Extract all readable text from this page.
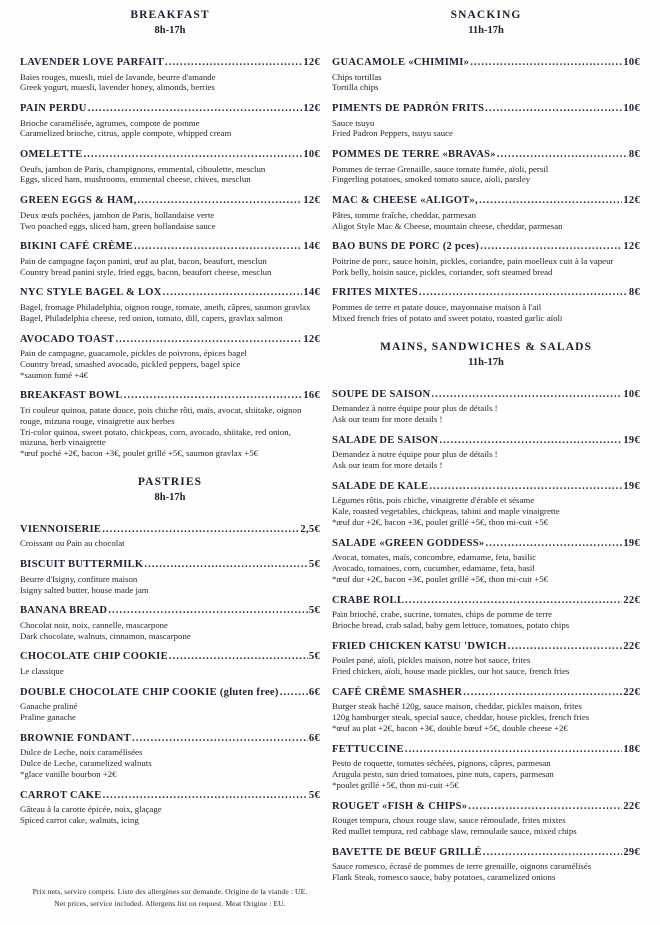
BREAKFAST
8h-17h
LAVENDER LOVE PARFAIT .....	12€
Baies rouges, muesli, miel de lavande, beurre d'amande
Greek yogurt, muesli, lavender honey, almonds, berries
PAIN PERDU .....	12€
Brioche caramélisée, agrumes, compote de pomme
Caramelized brioche, citrus, apple compote, whipped cream
OMELETTE .....	10€
Oeufs, jambon de Paris, champignons, emmental, ciboulette, mesclun
Eggs, sliced ham, mushrooms, emmental cheese, chives, mesclun
GREEN EGGS & HAM, .....	12€
Deux œufs pochées, jambon de Paris, hollandaise verte
Two poached eggs, sliced ham, green hollandaise sauce
BIKINI CAFÉ CRÈME .....	14€
Pain de campagne façon panini, œuf au plat, bacon, beaufort, mesclun
Country bread panini style, fried eggs, bacon, beaufort cheese, mesclun
NYC STYLE BAGEL & LOX .....	14€
Bagel, fromage Philadelphia, oignon rouge, tomate, aneth, câpres, saumon gravlax
Bagel, Philadelphia cheese, red onion, tomato, dill, capers, gravlax salmon
AVOCADO TOAST .....	12€
Pain de campagne, guacamole, pickles de poivrons, épices bagel
Country bread, smashed avocado, pickled peppers, bagel spice
*saumon fumé +4€
BREAKFAST BOWL .....	16€
Tri couleur quinoa, patate douce, pois chiche rôti, maïs, avocat, shiitake, oignon rouge, mizuna rouge, vinaigrette aux herbes
Tri-color quinoa, sweet potato, chickpeas, corn, avocado, shiitake, red onion, mizuna, herb vinaigrette
*œuf poché +2€, bacon +3€, poulet grillé +5€, saumon gravlax +5€
PASTRIES
8h-17h
VIENNOISERIE .....	2,5€
Croissant ou Pain au chocolat
BISCUIT BUTTERMILK .....	5€
Beurre d'Isigny, confiture maison
Isigny salted butter, house made jam
BANANA BREAD .....	5€
Chocolat noir, noix, cannelle, mascarpone
Dark chocolate, walnuts, cinnamon, mascarpone
CHOCOLATE CHIP COOKIE .....	5€
Le classique
DOUBLE CHOCOLATE CHIP COOKIE (gluten free) .....	6€
Ganache praliné
Praline ganache
BROWNIE FONDANT .....	6€
Dulce de Leche, noix caramélisées
Dulce de Leche, caramelized walnuts
*glace vanille bourbon +2€
CARROT CAKE .....	5€
Gâteau à la carotte épicée, noix, glaçage
Spiced carrot cake, walnuts, icing
SNACKING
11h-17h
GUACAMOLE «CHIMIMI» .....	10€
Chips tortillas
Tortilla chips
PIMENTS DE PADRÓN FRITS .....	10€
Sauce tsuyu
Fried Padron Peppers, tsuyu sauce
POMMES DE TERRE «BRAVAS» .....	8€
Pommes de terrae Grenaille, sauce tomate fumée, aïoli, persil
Fingerling potatoes, smoked tomato sauce, aioli, parsley
MAC & CHEESE «ALIGOT», .....	12€
Pâtes, tomme fraîche, cheddar, parmesan
Aligot Style Mac & Cheese, mountain cheese, cheddar, parmesan
BAO BUNS DE PORC (2 pces) .....	12€
Poitrine de porc, sauce hoisin, pickles, coriandre, pain moelleux cuit à la vapeur
Pork belly, hoisin sauce, pickles, coriander, soft steamed bread
FRITES MIXTES .....	8€
Pommes de terre et patate douce, mayonnaise maison à l'ail
Mixed french fries of potato and sweet potato, roasted garlic aïoli
MAINS, SANDWICHES & SALADS
11h-17h
SOUPE DE SAISON .....	10€
Demandez à notre équipe pour plus de détails !
Ask our team for more details !
SALADE DE SAISON .....	19€
Demandez à notre équipe pour plus de détails !
Ask our team for more details !
SALADE DE KALE .....	19€
Légumes rôtis, pois chiche, vinaigrette d'érable et sésame
Kale, roasted vegetables, chickpeas, tahini and maple vinaigrette
*œuf dur +2€, bacon +3€, poulet grillé +5€, thon mi-cuit +5€
SALADE «GREEN GODDESS» .....	19€
Avocat, tomates, maïs, concombre, edamame, feta, basilic
Avocado, tomatoes, corn, cucumber, edamame, feta, basil
*œuf dur +2€, bacon +3€, poulet grillé +5€, thon mi-cuit +5€
CRABE ROLL .....	22€
Pain brioché, crabe, sucrine, tomates, chips de pomme de terre
Brioche bread, crab salad, baby gem lettuce, tomatoes, potato chips
FRIED CHICKEN KATSU 'DWICH .....	22€
Poulet pané, aïoli, pickles maison, notre hot sauce, frites
Fried chicken, aïoli, house made pickles, our hot sauce, french fries
CAFÉ CRÈME SMASHER .....	22€
Burger steak haché 120g, sauce maison, cheddar, pickles maison, frites
120g hamburger steak, special sauce, cheddar, house pickles, french fries
*œuf au plat +2€, bacon +3€, double bœuf +5€, double cheese +2€
FETTUCCINE .....	18€
Pesto de roquette, tomates séchées, pignons, câpres, parmesan
Arugula pesto, sun dried tomatoes, pine nuts, capers, parmesan
*poulet grillé +5€, thon mi-cuit +5€
ROUGET «FISH & CHIPS» .....	22€
Rouget tempura, choux rouge slaw, sauce rémoulade, frites mixtes
Red mullet tempura, red cabbage slaw, remoulade sauce, mixed chips
BAVETTE DE BŒUF GRILLÉ .....	29€
Sauce romesco, écrasé de pommes de terre grenaille, oignons caramélisés
Flank Steak, romesco sauce, baby potatoes, caramelized onions
Prix nets, service compris. Liste des allergènes sur demande. Origine de la viande : UE.
Net prices, service included. Allergens list on request. Meat Origine : EU.
